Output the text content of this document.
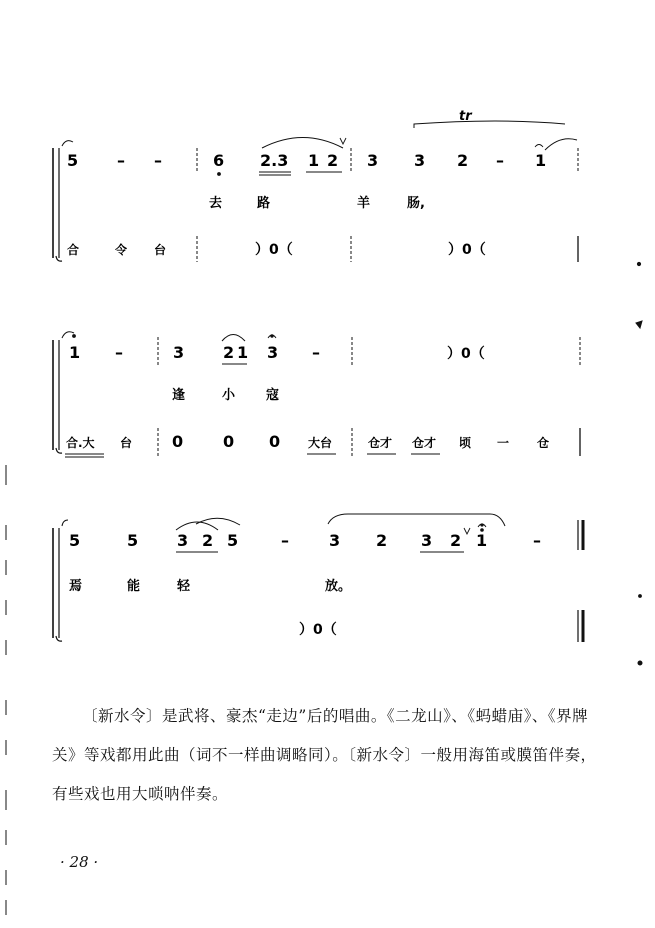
5 – –	6 2.3 1 2 3 3 2 – 1
tr
去	路	羊	肠,
合	令 台	）0（	）0（
1 –	3 2 1 3 –	）0（
逢	小 寇
合.大 台 0 0 0 大台	仓才 仓才 顷 一 仓
5	5 3 2 5	–	3 2 3 2 1	–
焉	能	轻	放。
）0（
〔新水令〕是武将、豪杰“走边”后的唱曲。《二龙山》、《蚂蜡庙》、《界牌关》等戏都用此曲（词不一样曲调略同）。〔新水令〕一般用海笛或膜笛伴奏，有些戏也用大唢呐伴奏。
· 28 ·
